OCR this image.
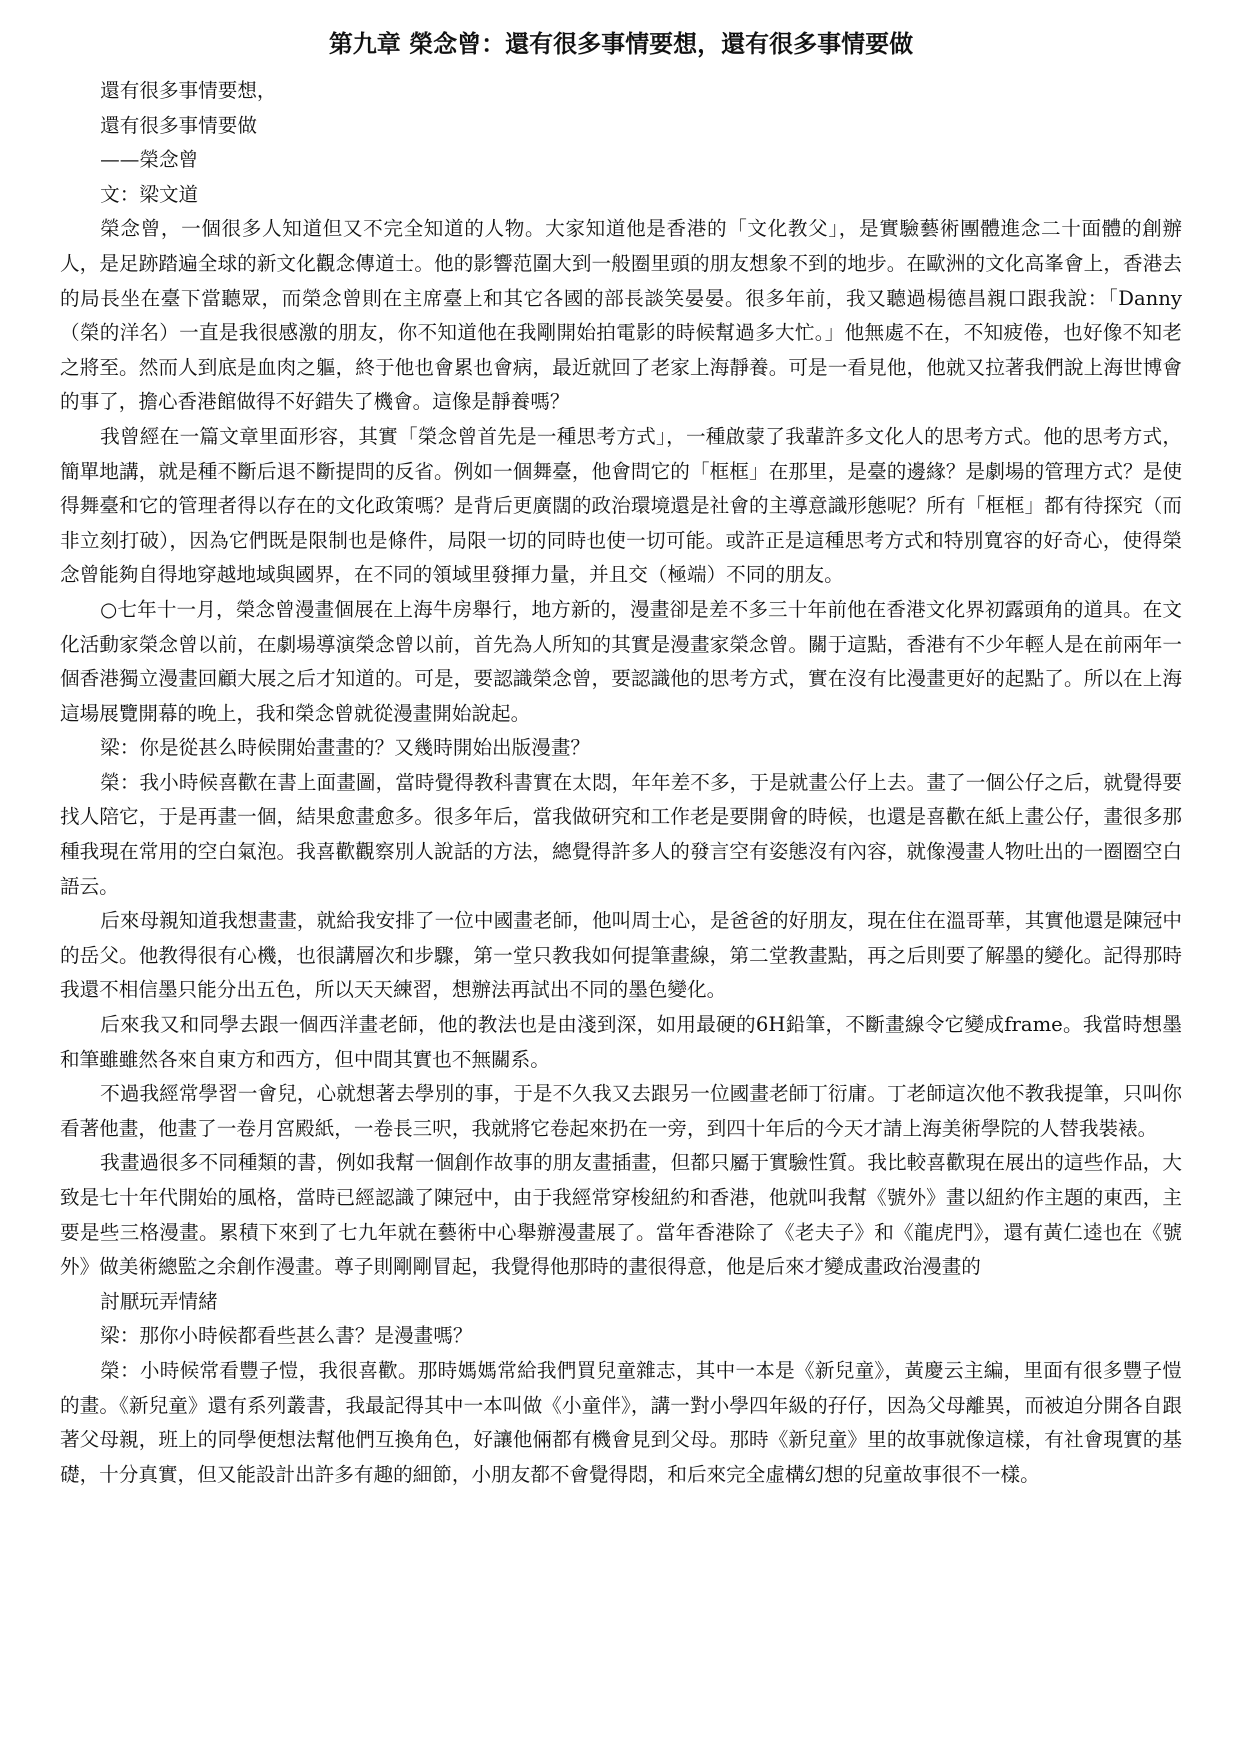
第九章 榮念曾：還有很多事情要想，還有很多事情要做

還有很多事情要想，

還有很多事情要做

——榮念曾

文：梁文道

榮念曾，一個很多人知道但又不完全知道的人物。大家知道他是香港的「文化教父」，是實驗藝術團體進念二十面體的創辦人，是足跡踏遍全球的新文化觀念傳道士。他的影響范圍大到一般圈里頭的朋友想象不到的地步。在歐洲的文化高峯會上，香港去的局長坐在臺下當聽眾，而榮念曾則在主席臺上和其它各國的部長談笑晏晏。很多年前，我又聽過楊德昌親口跟我說：「Danny（榮的洋名）一直是我很感激的朋友，你不知道他在我剛開始拍電影的時候幫過多大忙。」他無處不在，不知疲倦，也好像不知老之將至。然而人到底是血肉之軀，終于他也會累也會病，最近就回了老家上海靜養。可是一看見他，他就又拉著我們說上海世博會的事了，擔心香港館做得不好錯失了機會。這像是靜養嗎？

我曾經在一篇文章里面形容，其實「榮念曾首先是一種思考方式」，一種啟蒙了我輩許多文化人的思考方式。他的思考方式，簡單地講，就是種不斷后退不斷提問的反省。例如一個舞臺，他會問它的「框框」在那里，是臺的邊緣？是劇場的管理方式？是使得舞臺和它的管理者得以存在的文化政策嗎？是背后更廣闊的政治環境還是社會的主導意識形態呢？所有「框框」都有待探究（而非立刻打破），因為它們既是限制也是條件，局限一切的同時也使一切可能。或許正是這種思考方式和特別寬容的好奇心，使得榮念曾能夠自得地穿越地域與國界，在不同的領域里發揮力量，并且交（極端）不同的朋友。

○七年十一月，榮念曾漫畫個展在上海牛房舉行，地方新的，漫畫卻是差不多三十年前他在香港文化界初露頭角的道具。在文化活動家榮念曾以前，在劇場導演榮念曾以前，首先為人所知的其實是漫畫家榮念曾。關于這點，香港有不少年輕人是在前兩年一個香港獨立漫畫回顧大展之后才知道的。可是，要認識榮念曾，要認識他的思考方式，實在沒有比漫畫更好的起點了。所以在上海這場展覽開幕的晚上，我和榮念曾就從漫畫開始說起。

梁：你是從甚么時候開始畫畫的？又幾時開始出版漫畫？

榮：我小時候喜歡在書上面畫圖，當時覺得教科書實在太悶，年年差不多，于是就畫公仔上去。畫了一個公仔之后，就覺得要找人陪它，于是再畫一個，結果愈畫愈多。很多年后，當我做研究和工作老是要開會的時候，也還是喜歡在紙上畫公仔，畫很多那種我現在常用的空白氣泡。我喜歡觀察別人說話的方法，總覺得許多人的發言空有姿態沒有內容，就像漫畫人物吐出的一圈圈空白語云。

后來母親知道我想畫畫，就給我安排了一位中國畫老師，他叫周士心，是爸爸的好朋友，現在住在溫哥華，其實他還是陳冠中的岳父。他教得很有心機，也很講層次和步驟，第一堂只教我如何提筆畫線，第二堂教畫點，再之后則要了解墨的變化。記得那時我還不相信墨只能分出五色，所以天天練習，想辦法再試出不同的墨色變化。

后來我又和同學去跟一個西洋畫老師，他的教法也是由淺到深，如用最硬的6H鉛筆，不斷畫線令它變成frame。我當時想墨和筆雖雖然各來自東方和西方，但中間其實也不無關系。

不過我經常學習一會兒，心就想著去學別的事，于是不久我又去跟另一位國畫老師丁衍庸。丁老師這次他不教我提筆，只叫你看著他畫，他畫了一卷月宮殿紙，一卷長三呎，我就將它卷起來扔在一旁，到四十年后的今天才請上海美術學院的人替我裝裱。

我畫過很多不同種類的書，例如我幫一個創作故事的朋友畫插畫，但都只屬于實驗性質。我比較喜歡現在展出的這些作品，大致是七十年代開始的風格，當時已經認識了陳冠中，由于我經常穿梭紐約和香港，他就叫我幫《號外》畫以紐約作主題的東西，主要是些三格漫畫。累積下來到了七九年就在藝術中心舉辦漫畫展了。當年香港除了《老夫子》和《龍虎門》，還有黃仁逵也在《號外》做美術總監之余創作漫畫。尊子則剛剛冒起，我覺得他那時的畫很得意，他是后來才變成畫政治漫畫的

討厭玩弄情緒

梁：那你小時候都看些甚么書？是漫畫嗎？

榮：小時候常看豐子愷，我很喜歡。那時媽媽常給我們買兒童雜志，其中一本是《新兒童》，黃慶云主編，里面有很多豐子愷的畫。《新兒童》還有系列叢書，我最記得其中一本叫做《小童伴》，講一對小學四年級的孖仔，因為父母離異，而被迫分開各自跟著父母親，班上的同學便想法幫他們互換角色，好讓他倆都有機會見到父母。那時《新兒童》里的故事就像這樣，有社會現實的基礎，十分真實，但又能設計出許多有趣的細節，小朋友都不會覺得悶，和后來完全虛構幻想的兒童故事很不一樣。
